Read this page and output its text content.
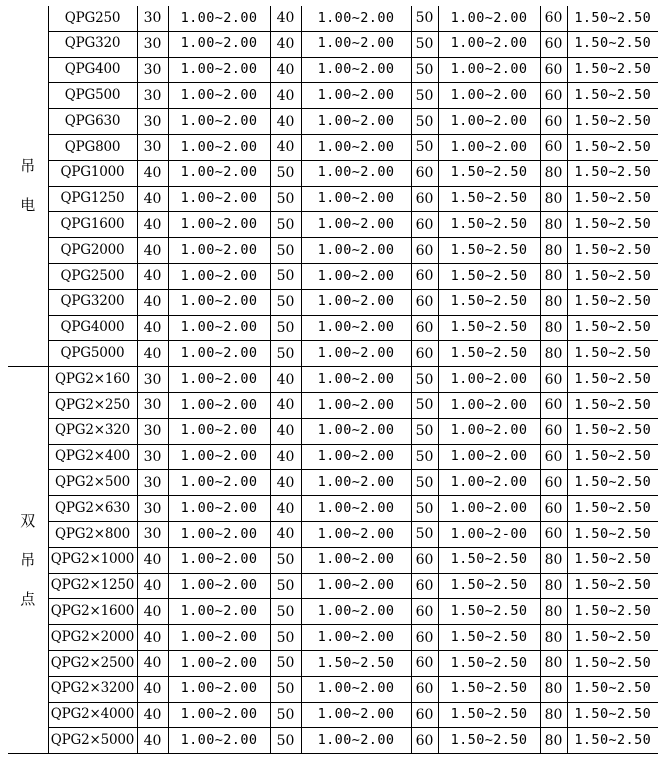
吊
电	QPG250	30	1.00~2.00	40	1.00~2.00	50	1.00~2.00	60	1.50~2.50
	QPG320	30	1.00~2.00	40	1.00~2.00	50	1.00~2.00	60	1.50~2.50
	QPG400	30	1.00~2.00	40	1.00~2.00	50	1.00~2.00	60	1.50~2.50
	QPG500	30	1.00~2.00	40	1.00~2.00	50	1.00~2.00	60	1.50~2.50
	QPG630	30	1.00~2.00	40	1.00~2.00	50	1.00~2.00	60	1.50~2.50
	QPG800	30	1.00~2.00	40	1.00~2.00	50	1.00~2.00	60	1.50~2.50
	QPG1000	40	1.00~2.00	50	1.00~2.00	60	1.50~2.50	80	1.50~2.50
	QPG1250	40	1.00~2.00	50	1.00~2.00	60	1.50~2.50	80	1.50~2.50
	QPG1600	40	1.00~2.00	50	1.00~2.00	60	1.50~2.50	80	1.50~2.50
	QPG2000	40	1.00~2.00	50	1.00~2.00	60	1.50~2.50	80	1.50~2.50
	QPG2500	40	1.00~2.00	50	1.00~2.00	60	1.50~2.50	80	1.50~2.50
	QPG3200	40	1.00~2.00	50	1.00~2.00	60	1.50~2.50	80	1.50~2.50
	QPG4000	40	1.00~2.00	50	1.00~2.00	60	1.50~2.50	80	1.50~2.50
	QPG5000	40	1.00~2.00	50	1.00~2.00	60	1.50~2.50	80	1.50~2.50

双
吊
点	QPG2×160	30	1.00~2.00	40	1.00~2.00	50	1.00~2.00	60	1.50~2.50
	QPG2×250	30	1.00~2.00	40	1.00~2.00	50	1.00~2.00	60	1.50~2.50
	QPG2×320	30	1.00~2.00	40	1.00~2.00	50	1.00~2.00	60	1.50~2.50
	QPG2×400	30	1.00~2.00	40	1.00~2.00	50	1.00~2.00	60	1.50~2.50
	QPG2×500	30	1.00~2.00	40	1.00~2.00	50	1.00~2.00	60	1.50~2.50
	QPG2×630	30	1.00~2.00	40	1.00~2.00	50	1.00~2.00	60	1.50~2.50
	QPG2×800	30	1.00~2.00	40	1.00~2.00	50	1.00~2-00	60	1.50~2.50
	QPG2×1000	40	1.00~2.00	50	1.00~2.00	60	1.50~2.50	80	1.50~2.50
	QPG2×1250	40	1.00~2.00	50	1.00~2.00	60	1.50~2.50	80	1.50~2.50
	QPG2×1600	40	1.00~2.00	50	1.00~2.00	60	1.50~2.50	80	1.50~2.50
	QPG2×2000	40	1.00~2.00	50	1.00~2.00	60	1.50~2.50	80	1.50~2.50
	QPG2×2500	40	1.00~2.00	50	1.50~2.50	60	1.50~2.50	80	1.50~2.50
	QPG2×3200	40	1.00~2.00	50	1.00~2.00	60	1.50~2.50	80	1.50~2.50
	QPG2×4000	40	1.00~2.00	50	1.00~2.00	60	1.50~2.50	80	1.50~2.50
	QPG2×5000	40	1.00~2.00	50	1.00~2.00	60	1.50~2.50	80	1.50~2.50
